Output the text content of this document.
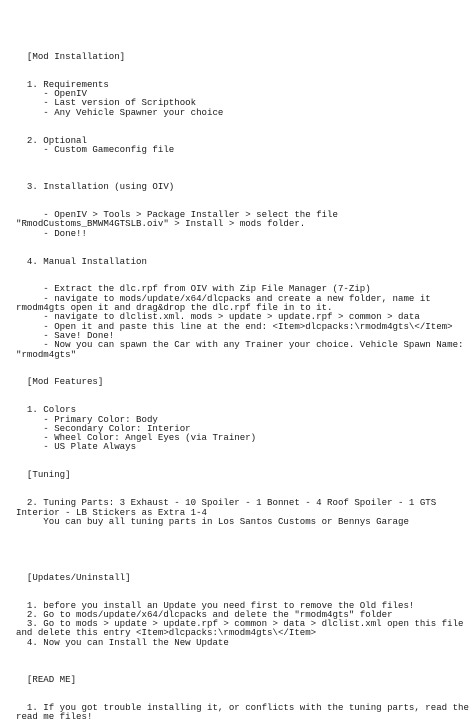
[Mod Installation]

1. Requirements
- OpenIV
- Last version of Scripthook
- Any Vehicle Spawner your choice

2. Optional
- Custom Gameconfig file

3. Installation (using OIV)

- OpenIV > Tools > Package Installer > select the file
"RmodCustoms_BMWM4GTSLB.oiv" > Install > mods folder.
- Done!!

4. Manual Installation

- Extract the dlc.rpf from OIV with Zip File Manager (7-Zip)
- navigate to mods/update/x64/dlcpacks and create a new folder, name it
rmodm4gts open it and drag&drop the dlc.rpf file in to it.
- navigate to dlclist.xml. mods > update > update.rpf > common > data
- Open it and paste this line at the end: <Item>dlcpacks:\rmodm4gts\</Item>
- Save! Done!
- Now you can spawn the Car with any Trainer your choice. Vehicle Spawn Name:
"rmodm4gts"

[Mod Features]

1. Colors
- Primary Color: Body
- Secondary Color: Interior
- Wheel Color: Angel Eyes (via Trainer)
- US Plate Always

[Tuning]

2. Tuning Parts: 3 Exhaust - 10 Spoiler - 1 Bonnet - 4 Roof Spoiler - 1 GTS
Interior - LB Stickers as Extra 1-4
You can buy all tuning parts in Los Santos Customs or Bennys Garage

[Updates/Uninstall]

1. before you install an Update you need first to remove the Old files!
2. Go to mods/update/x64/dlcpacks and delete the "rmodm4gts" folder
3. Go to mods > update > update.rpf > common > data > dlclist.xml open this file
and delete this entry <Item>dlcpacks:\rmodm4gts\</Item>
4. Now you can Install the New Update

[READ ME]

1. If you got trouble installing it, or conflicts with the tuning parts, read the
read me files!
